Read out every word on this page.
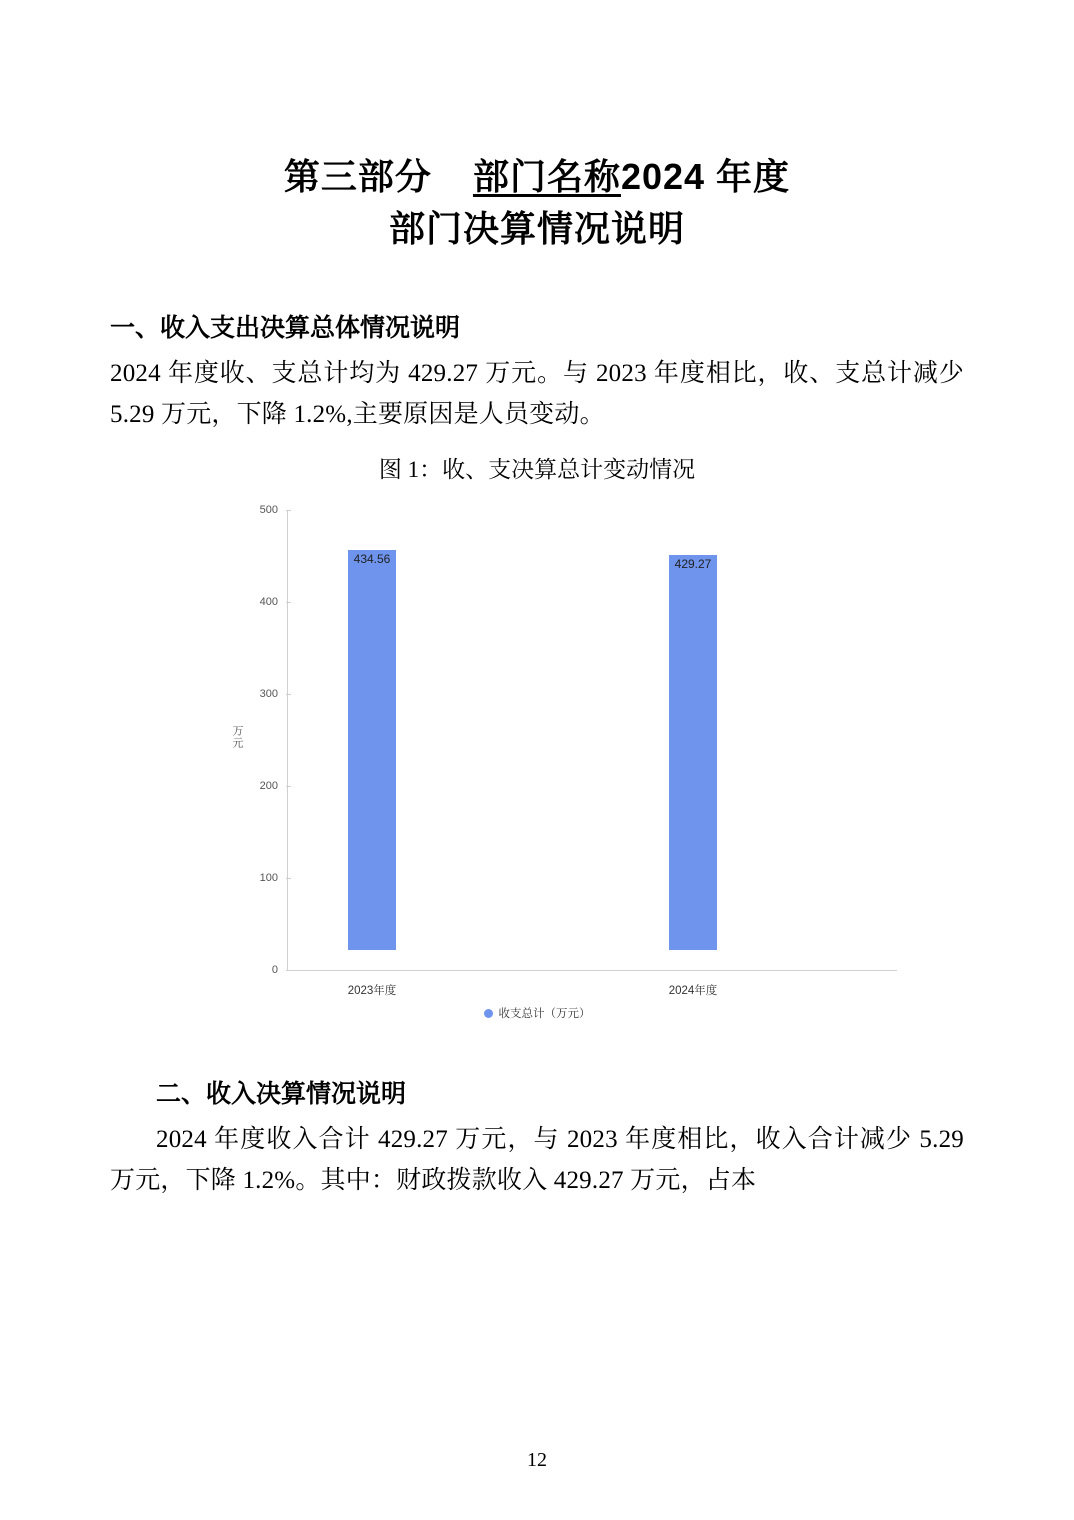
第三部分 部门名称2024 年度
部门决算情况说明
一、收入支出决算总体情况说明
2024 年度收、支总计均为 429.27 万元。与 2023 年度相比，收、支总计减少 5.29 万元，下降 1.2%,主要原因是人员变动。
图 1：收、支决算总计变动情况
500
400
300
200
100
0
万元
434.56	429.27
2023年度	2024年度
收支总计（万元）
二、收入决算情况说明
2024 年度收入合计 429.27 万元，与 2023 年度相比，收入合计减少 5.29 万元，下降 1.2%。其中：财政拨款收入 429.27 万元，占本
12
